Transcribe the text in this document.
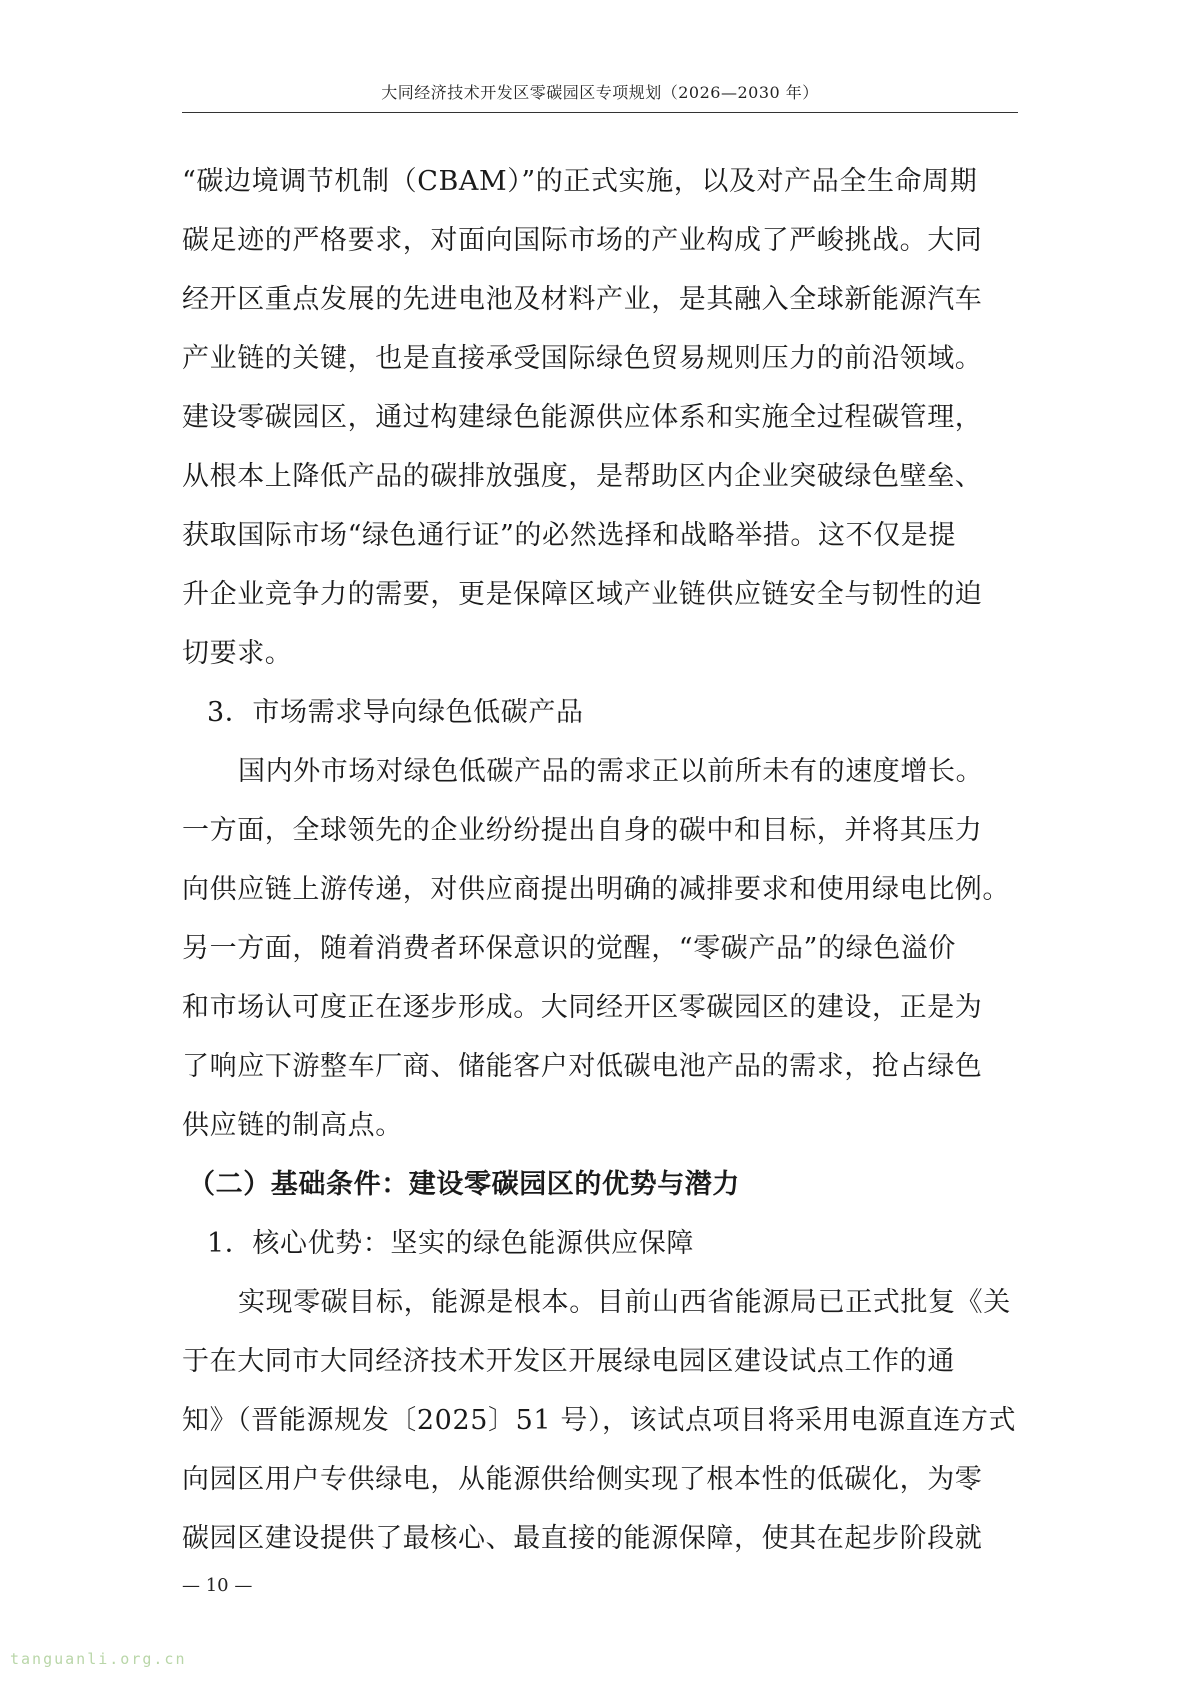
大同经济技术开发区零碳园区专项规划（2026—2030 年）
“碳边境调节机制（CBAM）”的正式实施，以及对产品全生命周期
碳足迹的严格要求，对面向国际市场的产业构成了严峻挑战。大同
经开区重点发展的先进电池及材料产业，是其融入全球新能源汽车
产业链的关键，也是直接承受国际绿色贸易规则压力的前沿领域。
建设零碳园区，通过构建绿色能源供应体系和实施全过程碳管理，
从根本上降低产品的碳排放强度，是帮助区内企业突破绿色壁垒、
获取国际市场“绿色通行证”的必然选择和战略举措。这不仅是提
升企业竞争力的需要，更是保障区域产业链供应链安全与韧性的迫
切要求。
3．市场需求导向绿色低碳产品
国内外市场对绿色低碳产品的需求正以前所未有的速度增长。
一方面，全球领先的企业纷纷提出自身的碳中和目标，并将其压力
向供应链上游传递，对供应商提出明确的减排要求和使用绿电比例。
另一方面，随着消费者环保意识的觉醒，“零碳产品”的绿色溢价
和市场认可度正在逐步形成。大同经开区零碳园区的建设，正是为
了响应下游整车厂商、储能客户对低碳电池产品的需求，抢占绿色
供应链的制高点。
（二）基础条件：建设零碳园区的优势与潜力
1．核心优势：坚实的绿色能源供应保障
实现零碳目标，能源是根本。目前山西省能源局已正式批复《关
于在大同市大同经济技术开发区开展绿电园区建设试点工作的通
知》（晋能源规发〔2025〕51 号），该试点项目将采用电源直连方式
向园区用户专供绿电，从能源供给侧实现了根本性的低碳化，为零
碳园区建设提供了最核心、最直接的能源保障，使其在起步阶段就
— 10 —
tanguanli.org.cn
